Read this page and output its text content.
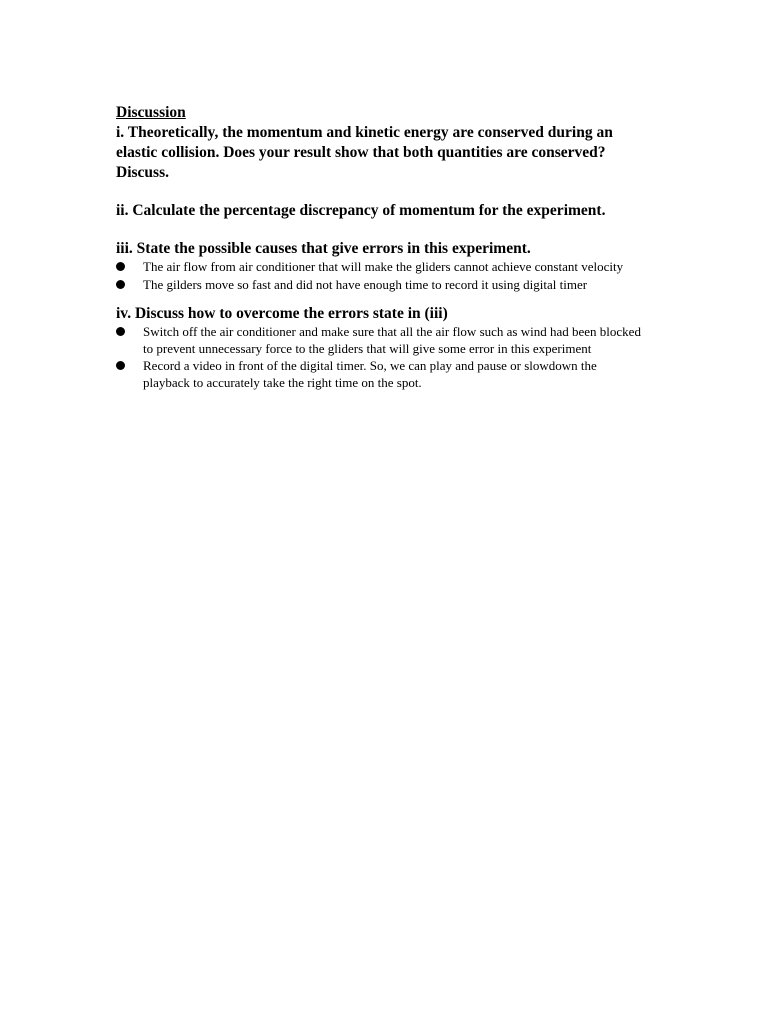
Discussion

i. Theoretically, the momentum and kinetic energy are conserved during an elastic collision. Does your result show that both quantities are conserved? Discuss.

ii. Calculate the percentage discrepancy of momentum for the experiment.

iii. State the possible causes that give errors in this experiment.

The air flow from air conditioner that will make the gliders cannot achieve constant velocity
The gilders move so fast and did not have enough time to record it using digital timer

iv. Discuss how to overcome the errors state in (iii)

Switch off the air conditioner and make sure that all the air flow such as wind had been blocked to prevent unnecessary force to the gliders that will give some error in this experiment
Record a video in front of the digital timer. So, we can play and pause or slowdown the playback to accurately take the right time on the spot.
